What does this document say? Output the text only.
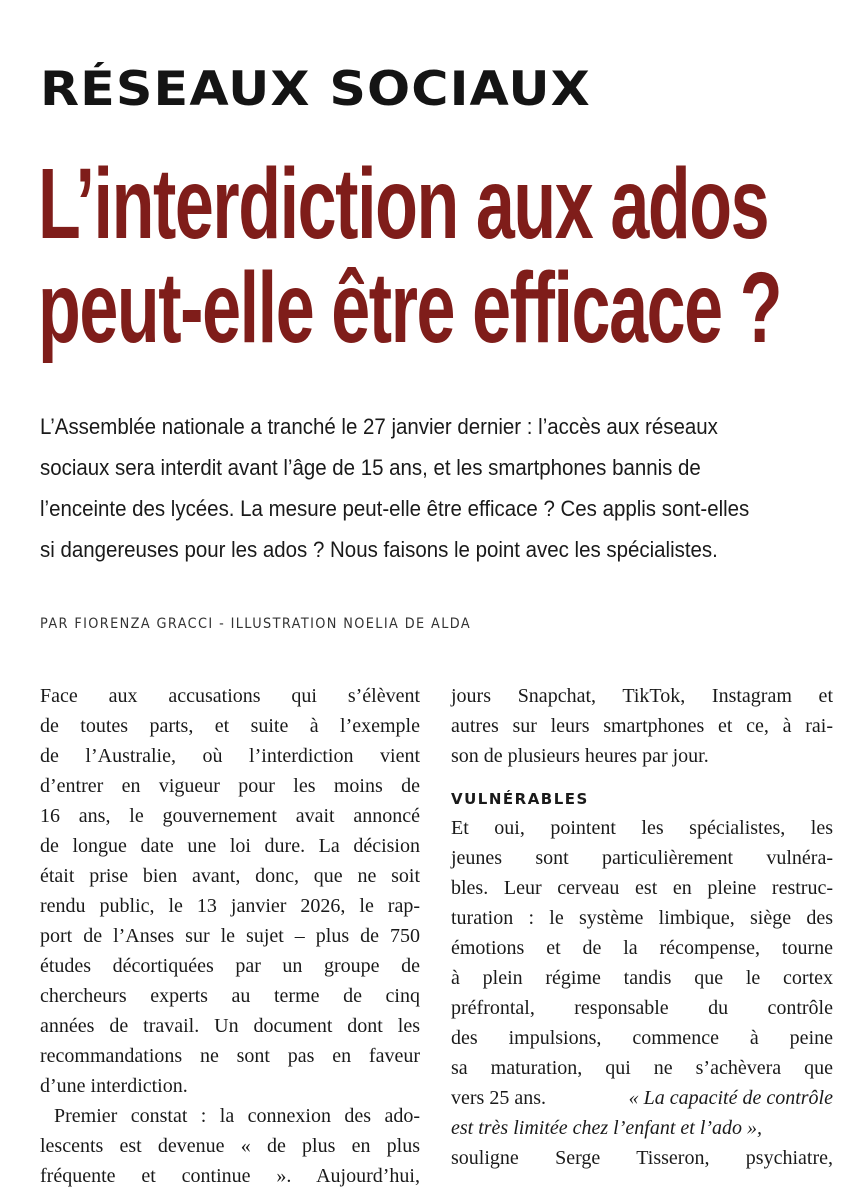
RÉSEAUX SOCIAUX
L’interdiction aux ados
peut-elle être efficace ?
L’Assemblée nationale a tranché le 27 janvier dernier : l’accès aux réseaux
sociaux sera interdit avant l’âge de 15 ans, et les smartphones bannis de
l’enceinte des lycées. La mesure peut-elle être efficace ? Ces applis sont-elles
si dangereuses pour les ados ? Nous faisons le point avec les spécialistes.
PAR FIORENZA GRACCI - ILLUSTRATION NOELIA DE ALDA
Face aux accusations qui s’élèvent
de toutes parts, et suite à l’exemple
de l’Australie, où l’interdiction vient
d’entrer en vigueur pour les moins de
16 ans, le gouvernement avait annoncé
de longue date une loi dure. La décision
était prise bien avant, donc, que ne soit
rendu public, le 13 janvier 2026, le rap-
port de l’Anses sur le sujet – plus de 750
études décortiquées par un groupe de
chercheurs experts au terme de cinq
années de travail. Un document dont les
recommandations ne sont pas en faveur
d’une interdiction.
Premier constat : la connexion des ado-
lescents est devenue « de plus en plus
fréquente et continue ». Aujourd’hui,
jours Snapchat, TikTok, Instagram et
autres sur leurs smartphones et ce, à rai-
son de plusieurs heures par jour.
VULNÉRABLES
Et oui, pointent les spécialistes, les
jeunes sont particulièrement vulnéra-
bles. Leur cerveau est en pleine restruc-
turation : le système limbique, siège des
émotions et de la récompense, tourne
à plein régime tandis que le cortex
préfrontal, responsable du contrôle
des impulsions, commence à peine
sa maturation, qui ne s’achèvera que
vers 25 ans.	« La capacité de contrôle
est très limitée chez l’enfant et l’ado »,
souligne Serge Tisseron, psychiatre,
